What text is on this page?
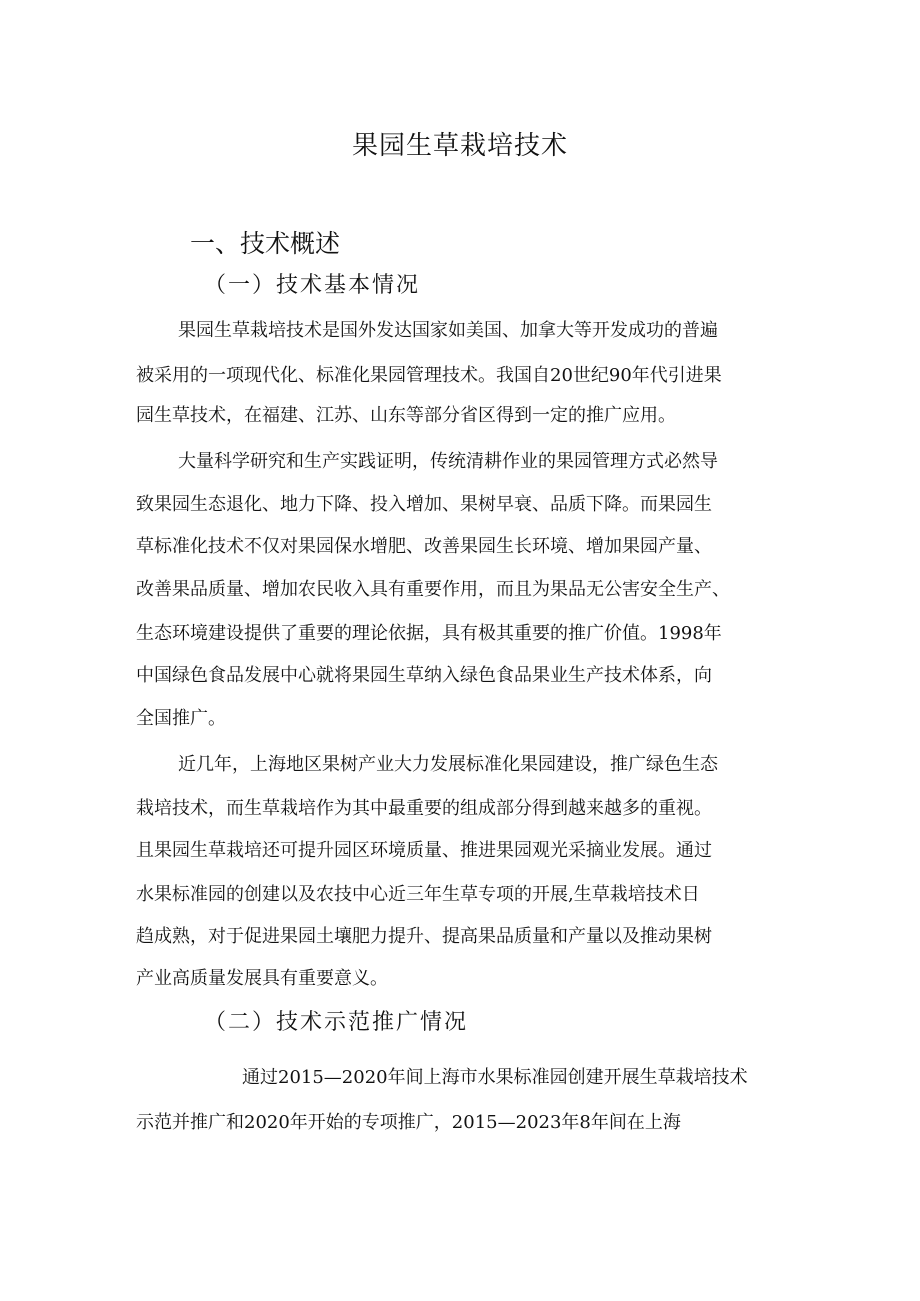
果园生草栽培技术
一、技术概述
（一）技术基本情况

果园生草栽培技术是国外发达国家如美国、加拿大等开发成功的普遍

被采用的一项现代化、标准化果园管理技术。我国自20世纪90年代引进果

园生草技术，在福建、江苏、山东等部分省区得到一定的推广应用。

大量科学研究和生产实践证明，传统清耕作业的果园管理方式必然导

致果园生态退化、地力下降、投入增加、果树早衰、品质下降。而果园生

草标准化技术不仅对果园保水增肥、改善果园生长环境、增加果园产量、

改善果品质量、增加农民收入具有重要作用，而且为果品无公害安全生产、

生态环境建设提供了重要的理论依据，具有极其重要的推广价值。1998年

中国绿色食品发展中心就将果园生草纳入绿色食品果业生产技术体系，向

全国推广。

近几年，上海地区果树产业大力发展标准化果园建设，推广绿色生态

栽培技术，而生草栽培作为其中最重要的组成部分得到越来越多的重视。

且果园生草栽培还可提升园区环境质量、推进果园观光采摘业发展。通过

水果标准园的创建以及农技中心近三年生草专项的开展,生草栽培技术日

趋成熟，对于促进果园土壤肥力提升、提高果品质量和产量以及推动果树

产业高质量发展具有重要意义。

（二）技术示范推广情况

通过2015—2020年间上海市水果标准园创建开展生草栽培技术

示范并推广和2020年开始的专项推广，2015—2023年8年间在上海
